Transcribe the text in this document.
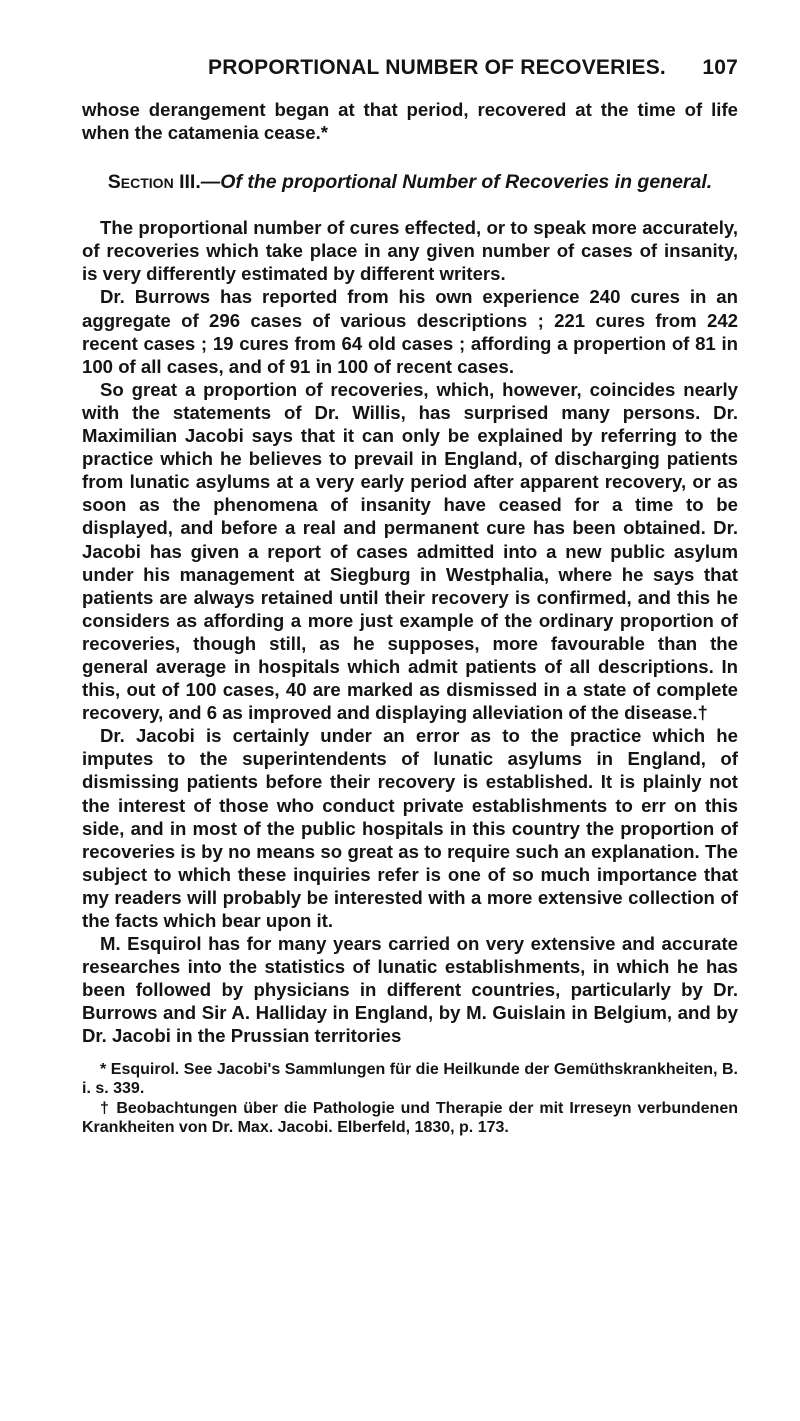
PROPORTIONAL NUMBER OF RECOVERIES. 107

whose derangement began at that period, recovered at the time of life when the catamenia cease.*

Section III.—Of the proportional Number of Recoveries in general.

The proportional number of cures effected, or to speak more accurately, of recoveries which take place in any given number of cases of insanity, is very differently estimated by different writers.

Dr. Burrows has reported from his own experience 240 cures in an aggregate of 296 cases of various descriptions ; 221 cures from 242 recent cases ; 19 cures from 64 old cases ; affording a propertion of 81 in 100 of all cases, and of 91 in 100 of recent cases.

So great a proportion of recoveries, which, however, coincides nearly with the statements of Dr. Willis, has surprised many persons. Dr. Maximilian Jacobi says that it can only be explained by referring to the practice which he believes to prevail in England, of discharging patients from lunatic asylums at a very early period after apparent recovery, or as soon as the phenomena of insanity have ceased for a time to be displayed, and before a real and permanent cure has been obtained. Dr. Jacobi has given a report of cases admitted into a new public asylum under his management at Siegburg in Westphalia, where he says that patients are always retained until their recovery is confirmed, and this he considers as affording a more just example of the ordinary proportion of recoveries, though still, as he supposes, more favourable than the general average in hospitals which admit patients of all descriptions. In this, out of 100 cases, 40 are marked as dismissed in a state of complete recovery, and 6 as improved and displaying alleviation of the disease.†

Dr. Jacobi is certainly under an error as to the practice which he imputes to the superintendents of lunatic asylums in England, of dismissing patients before their recovery is established. It is plainly not the interest of those who conduct private establishments to err on this side, and in most of the public hospitals in this country the proportion of recoveries is by no means so great as to require such an explanation. The subject to which these inquiries refer is one of so much importance that my readers will probably be interested with a more extensive collection of the facts which bear upon it.

M. Esquirol has for many years carried on very extensive and accurate researches into the statistics of lunatic establishments, in which he has been followed by physicians in different countries, particularly by Dr. Burrows and Sir A. Halliday in England, by M. Guislain in Belgium, and by Dr. Jacobi in the Prussian territories

* Esquirol. See Jacobi's Sammlungen für die Heilkunde der Gemüthskrankheiten, B. i. s. 339.

† Beobachtungen über die Pathologie und Therapie der mit Irreseyn verbundenen Krankheiten von Dr. Max. Jacobi. Elberfeld, 1830, p. 173.
